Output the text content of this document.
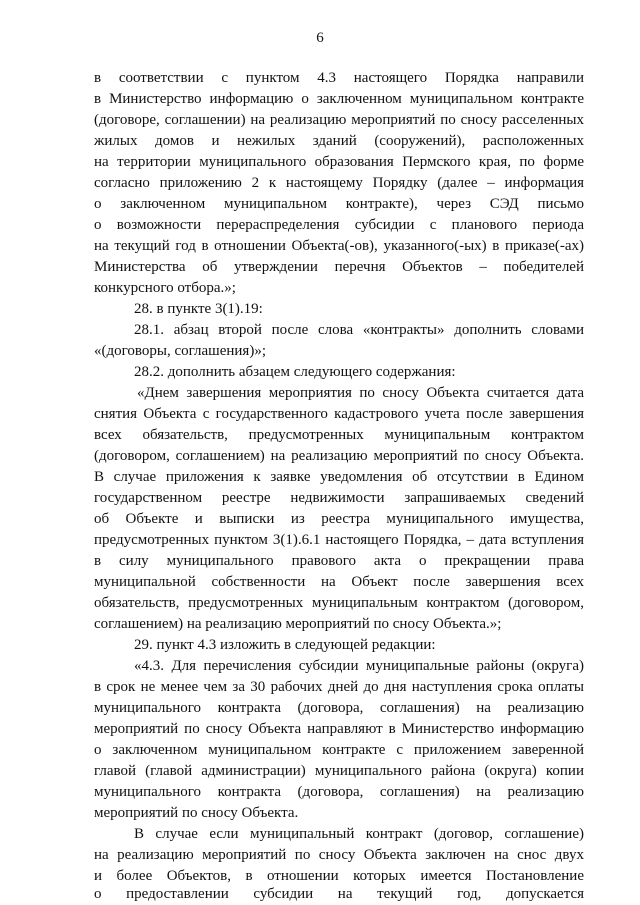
6
в соответствии с пунктом 4.3 настоящего Порядка направили
в Министерство информацию о заключенном муниципальном контракте
(договоре, соглашении) на реализацию мероприятий по сносу расселенных
жилых домов и нежилых зданий (сооружений), расположенных
на территории муниципального образования Пермского края, по форме
согласно приложению 2 к настоящему Порядку (далее – информация
о заключенном муниципальном контракте), через СЭД письмо
о возможности перераспределения субсидии с планового периода
на текущий год в отношении Объекта(-ов), указанного(-ых) в приказе(-ах)
Министерства об утверждении перечня Объектов – победителей
конкурсного отбора.»;
28. в пункте 3(1).19:
28.1. абзац второй после слова «контракты» дополнить словами
«(договоры, соглашения)»;
28.2. дополнить абзацем следующего содержания:
«Днем завершения мероприятия по сносу Объекта считается дата
снятия Объекта с государственного кадастрового учета после завершения
всех обязательств, предусмотренных муниципальным контрактом
(договором, соглашением) на реализацию мероприятий по сносу Объекта.
В случае приложения к заявке уведомления об отсутствии в Едином
государственном реестре недвижимости запрашиваемых сведений
об Объекте и выписки из реестра муниципального имущества,
предусмотренных пунктом 3(1).6.1 настоящего Порядка, – дата вступления
в силу муниципального правового акта о прекращении права
муниципальной собственности на Объект после завершения всех
обязательств, предусмотренных муниципальным контрактом (договором,
соглашением) на реализацию мероприятий по сносу Объекта.»;
29. пункт 4.3 изложить в следующей редакции:
«4.3. Для перечисления субсидии муниципальные районы (округа)
в срок не менее чем за 30 рабочих дней до дня наступления срока оплаты
муниципального контракта (договора, соглашения) на реализацию
мероприятий по сносу Объекта направляют в Министерство информацию
о заключенном муниципальном контракте с приложением заверенной
главой (главой администрации) муниципального района (округа) копии
муниципального контракта (договора, соглашения) на реализацию
мероприятий по сносу Объекта.
В случае если муниципальный контракт (договор, соглашение)
на реализацию мероприятий по сносу Объекта заключен на снос двух
и более Объектов, в отношении которых имеется Постановление
о предоставлении субсидии на текущий год, допускается
